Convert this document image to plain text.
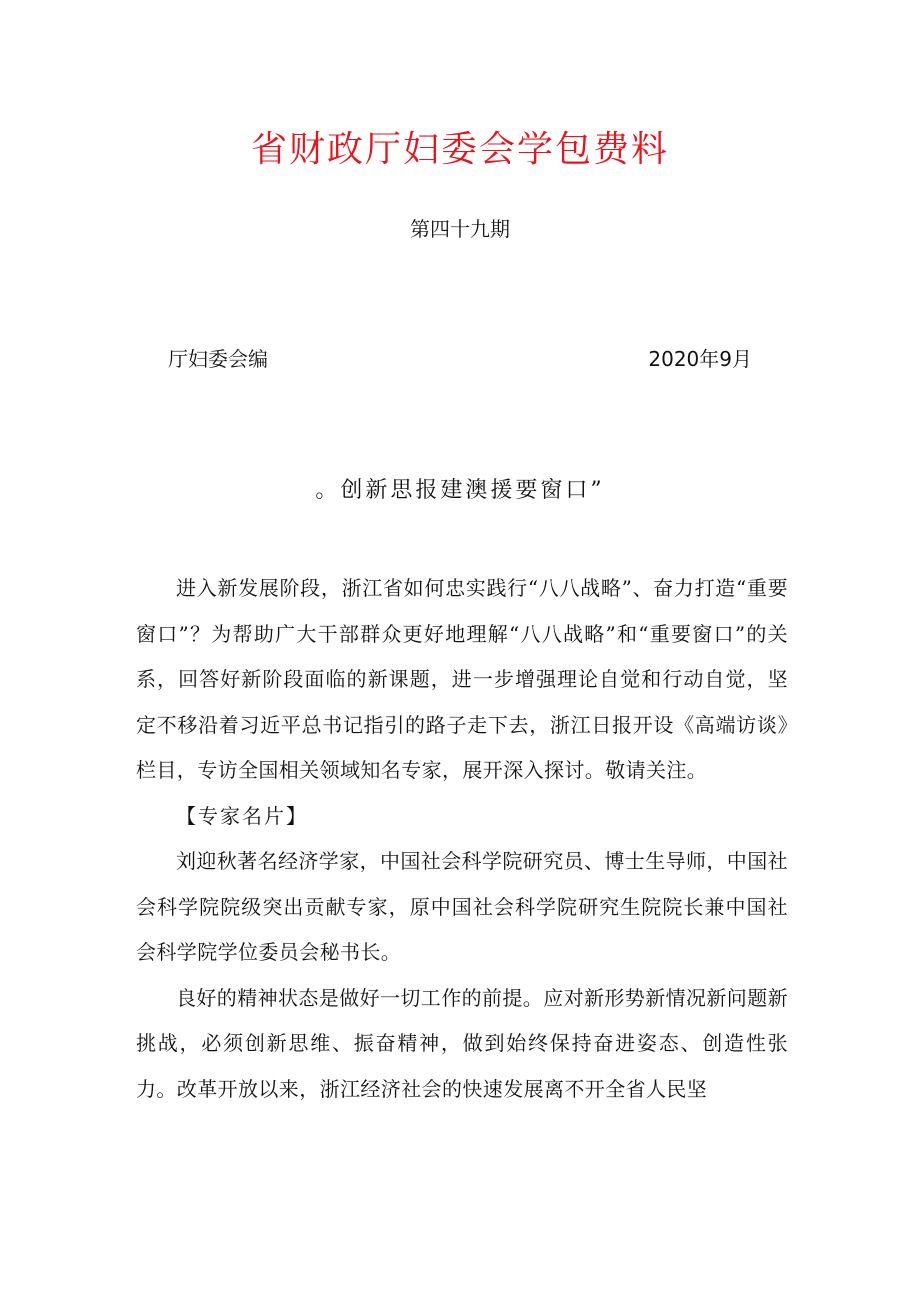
省财政厅妇委会学包费料
第四十九期
厅妇委会编	2020年9月
。创新思报建澳援要窗口”

进入新发展阶段，浙江省如何忠实践行“八八战略”、奋力打造“重要窗口”？为帮助广大干部群众更好地理解“八八战略”和“重要窗口”的关系，回答好新阶段面临的新课题，进一步增强理论自觉和行动自觉，坚定不移沿着习近平总书记指引的路子走下去，浙江日报开设《高端访谈》栏目，专访全国相关领域知名专家，展开深入探讨。敬请关注。

【专家名片】

刘迎秋著名经济学家，中国社会科学院研究员、博士生导师，中国社会科学院院级突出贡献专家，原中国社会科学院研究生院院长兼中国社会科学院学位委员会秘书长。

良好的精神状态是做好一切工作的前提。应对新形势新情况新问题新挑战，必须创新思维、振奋精神，做到始终保持奋进姿态、创造性张力。改革开放以来，浙江经济社会的快速发展离不开全省人民坚
